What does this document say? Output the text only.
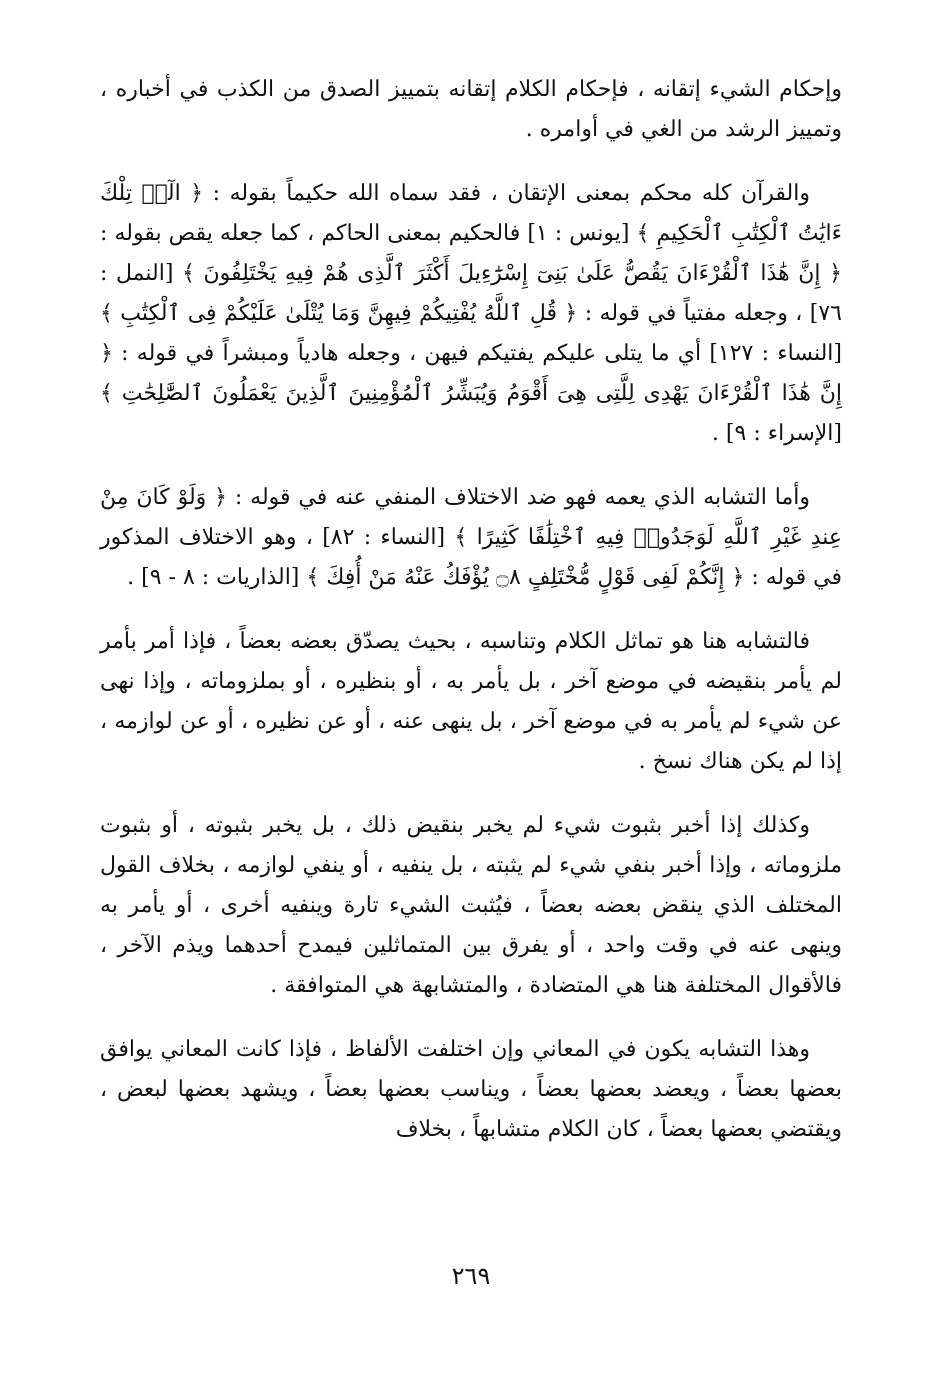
وإحكام الشيء إتقانه ، فإحكام الكلام إتقانه بتمييز الصدق من الكذب في أخباره ، وتمييز الرشد من الغي في أوامره .

والقرآن كله محكم بمعنى الإتقان ، فقد سماه الله حكيماً بقوله : ﴿ الٓرۚ تِلْكَ ءَايَٰتُ ٱلْكِتَٰبِ ٱلْحَكِيمِ ﴾ [يونس : ١] فالحكيم بمعنى الحاكم ، كما جعله يقص بقوله : ﴿ إِنَّ هَٰذَا ٱلْقُرْءَانَ يَقُصُّ عَلَىٰ بَنِىٓ إِسْرَٰٓءِيلَ أَكْثَرَ ٱلَّذِى هُمْ فِيهِ يَخْتَلِفُونَ ﴾ [النمل : ٧٦] ، وجعله مفتياً في قوله : ﴿ قُلِ ٱللَّهُ يُفْتِيكُمْ فِيهِنَّ وَمَا يُتْلَىٰ عَلَيْكُمْ فِى ٱلْكِتَٰبِ ﴾ [النساء : ١٢٧] أي ما يتلى عليكم يفتيكم فيهن ، وجعله هادياً ومبشراً في قوله : ﴿ إِنَّ هَٰذَا ٱلْقُرْءَانَ يَهْدِى لِلَّتِى هِىَ أَقْوَمُ وَيُبَشِّرُ ٱلْمُؤْمِنِينَ ٱلَّذِينَ يَعْمَلُونَ ٱلصَّٰلِحَٰتِ ﴾ [الإسراء : ٩] .

وأما التشابه الذي يعمه فهو ضد الاختلاف المنفي عنه في قوله : ﴿ وَلَوْ كَانَ مِنْ عِندِ غَيْرِ ٱللَّهِ لَوَجَدُوا۟ فِيهِ ٱخْتِلَٰفًا كَثِيرًا ﴾ [النساء : ٨٢] ، وهو الاختلاف المذكور في قوله : ﴿ إِنَّكُمْ لَفِى قَوْلٍ مُّخْتَلِفٍ ۝٨ يُؤْفَكُ عَنْهُ مَنْ أُفِكَ ﴾ [الذاريات : ٨ - ٩] .

فالتشابه هنا هو تماثل الكلام وتناسبه ، بحيث يصدّق بعضه بعضاً ، فإذا أمر بأمر لم يأمر بنقيضه في موضع آخر ، بل يأمر به ، أو بنظيره ، أو بملزوماته ، وإذا نهى عن شيء لم يأمر به في موضع آخر ، بل ينهى عنه ، أو عن نظيره ، أو عن لوازمه ، إذا لم يكن هناك نسخ .

وكذلك إذا أخبر بثبوت شيء لم يخبر بنقيض ذلك ، بل يخبر بثبوته ، أو بثبوت ملزوماته ، وإذا أخبر بنفي شيء لم يثبته ، بل ينفيه ، أو ينفي لوازمه ، بخلاف القول المختلف الذي ينقض بعضه بعضاً ، فيُثبت الشيء تارة وينفيه أخرى ، أو يأمر به وينهى عنه في وقت واحد ، أو يفرق بين المتماثلين فيمدح أحدهما ويذم الآخر ، فالأقوال المختلفة هنا هي المتضادة ، والمتشابهة هي المتوافقة .

وهذا التشابه يكون في المعاني وإن اختلفت الألفاظ ، فإذا كانت المعاني يوافق بعضها بعضاً ، ويعضد بعضها بعضاً ، ويناسب بعضها بعضاً ، ويشهد بعضها لبعض ، ويقتضي بعضها بعضاً ، كان الكلام متشابهاً ، بخلاف

٢٦٩
